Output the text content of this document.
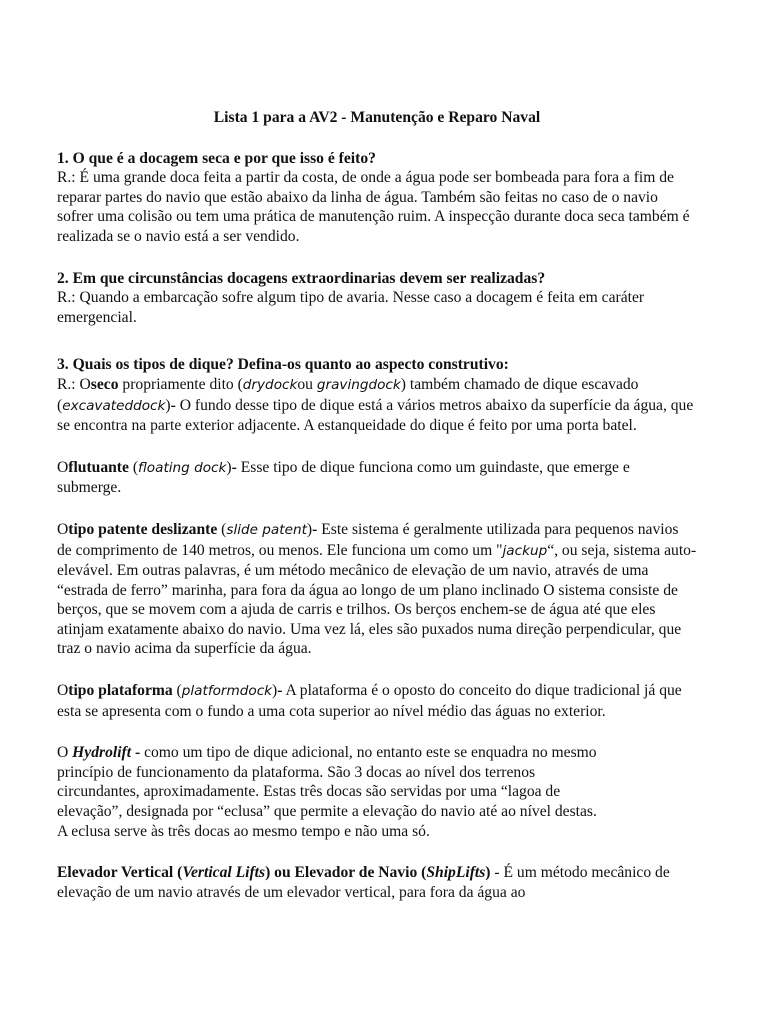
Lista 1 para a AV2 - Manutenção e Reparo Naval

1. O que é a docagem seca e por que isso é feito?

R.: É uma grande doca feita a partir da costa, de onde a água pode ser bombeada para fora a fim de reparar partes do navio que estão abaixo da linha de água. Também são feitas no caso de o navio sofrer uma colisão ou tem uma prática de manutenção ruim. A inspecção durante doca seca também é realizada se o navio está a ser vendido.

2. Em que circunstâncias docagens extraordinarias devem ser realizadas?

R.: Quando a embarcação sofre algum tipo de avaria. Nesse caso a docagem é feita em caráter emergencial.

3. Quais os tipos de dique? Defina-os quanto ao aspecto construtivo:

R.: Oseco propriamente dito (drydockou gravingdock) também chamado de dique escavado (excavateddock)- O fundo desse tipo de dique está a vários metros abaixo da superfície da água, que se encontra na parte exterior adjacente. A estanqueidade do dique é feito por uma porta batel.

Oflutuante (floating dock)- Esse tipo de dique funciona como um guindaste, que emerge e submerge.

Otipo patente deslizante (slide patent)- Este sistema é geralmente utilizada para pequenos navios de comprimento de 140 metros, ou menos. Ele funciona um como um "jackup“, ou seja, sistema auto-elevável. Em outras palavras, é um método mecânico de elevação de um navio, através de uma “estrada de ferro” marinha, para fora da água ao longo de um plano inclinado O sistema consiste de berços, que se movem com a ajuda de carris e trilhos. Os berços enchem-se de água até que eles atinjam exatamente abaixo do navio. Uma vez lá, eles são puxados numa direção perpendicular, que traz o navio acima da superfície da água.

Otipo plataforma (platformdock)- A plataforma é o oposto do conceito do dique tradicional já que esta se apresenta com o fundo a uma cota superior ao nível médio das águas no exterior.

O Hydrolift - como um tipo de dique adicional, no entanto este se enquadra no mesmo
princípio de funcionamento da plataforma. São 3 docas ao nível dos terrenos
circundantes, aproximadamente. Estas três docas são servidas por uma “lagoa de
elevação”, designada por “eclusa” que permite a elevação do navio até ao nível destas.
A eclusa serve às três docas ao mesmo tempo e não uma só.

Elevador Vertical (Vertical Lifts) ou Elevador de Navio (ShipLifts) - É um método mecânico de elevação de um navio através de um elevador vertical, para fora da água ao
